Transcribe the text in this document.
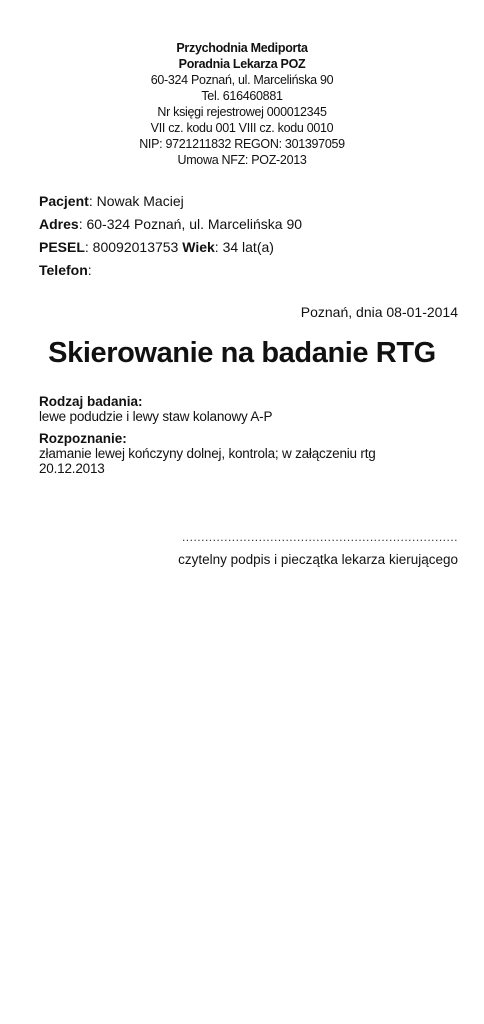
Przychodnia Mediporta
Poradnia Lekarza POZ
60-324 Poznań, ul. Marcelińska 90
Tel. 616460881
Nr księgi rejestrowej 000012345
VII cz. kodu 001 VIII cz. kodu 0010
NIP: 9721211832 REGON: 301397059
Umowa NFZ: POZ-2013
Pacjent: Nowak Maciej
Adres: 60-324 Poznań, ul. Marcelińska 90
PESEL: 80092013753 Wiek: 34 lat(a)
Telefon:
Poznań, dnia 08-01-2014
Skierowanie na badanie RTG
Rodzaj badania:
lewe podudzie i lewy staw kolanowy A-P
Rozpoznanie:
złamanie lewej kończyny dolnej, kontrola; w załączeniu rtg
20.12.2013
........................................................................
czytelny podpis i pieczątka lekarza kierującego
